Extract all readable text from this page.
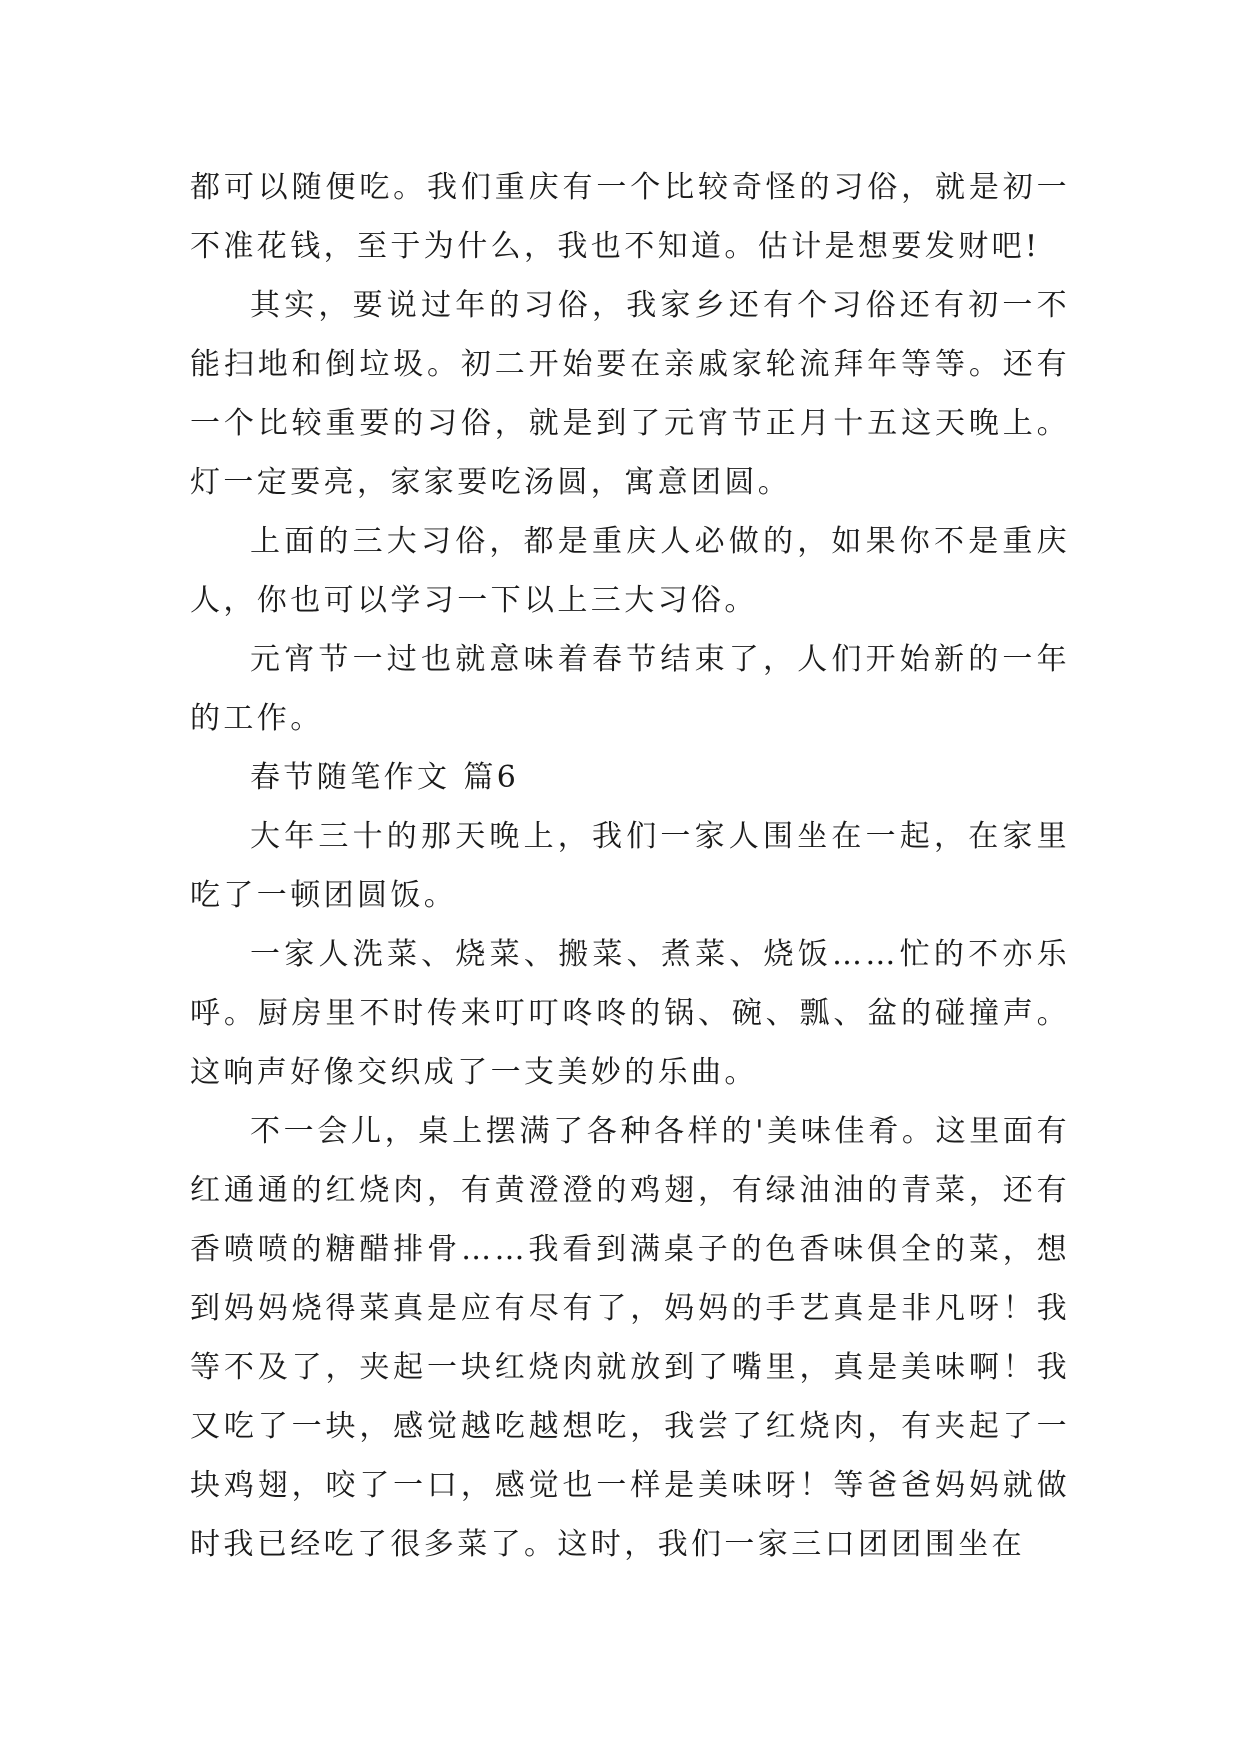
都可以随便吃。我们重庆有一个比较奇怪的习俗，就是初一不准花钱，至于为什么，我也不知道。估计是想要发财吧!

其实，要说过年的习俗，我家乡还有个习俗还有初一不能扫地和倒垃圾。初二开始要在亲戚家轮流拜年等等。还有一个比较重要的习俗，就是到了元宵节正月十五这天晚上。灯一定要亮，家家要吃汤圆，寓意团圆。

上面的三大习俗，都是重庆人必做的，如果你不是重庆人，你也可以学习一下以上三大习俗。

元宵节一过也就意味着春节结束了，人们开始新的一年的工作。

春节随笔作文 篇6

大年三十的那天晚上，我们一家人围坐在一起，在家里吃了一顿团圆饭。

一家人洗菜、烧菜、搬菜、煮菜、烧饭……忙的不亦乐呼。厨房里不时传来叮叮咚咚的锅、碗、瓢、盆的碰撞声。这响声好像交织成了一支美妙的乐曲。

不一会儿，桌上摆满了各种各样的'美味佳肴。这里面有红通通的红烧肉，有黄澄澄的鸡翅，有绿油油的青菜，还有香喷喷的糖醋排骨……我看到满桌子的色香味俱全的菜，想到妈妈烧得菜真是应有尽有了，妈妈的手艺真是非凡呀！我等不及了，夹起一块红烧肉就放到了嘴里，真是美味啊！我又吃了一块，感觉越吃越想吃，我尝了红烧肉，有夹起了一块鸡翅，咬了一口，感觉也一样是美味呀！等爸爸妈妈就做时我已经吃了很多菜了。这时，我们一家三口团团围坐在
